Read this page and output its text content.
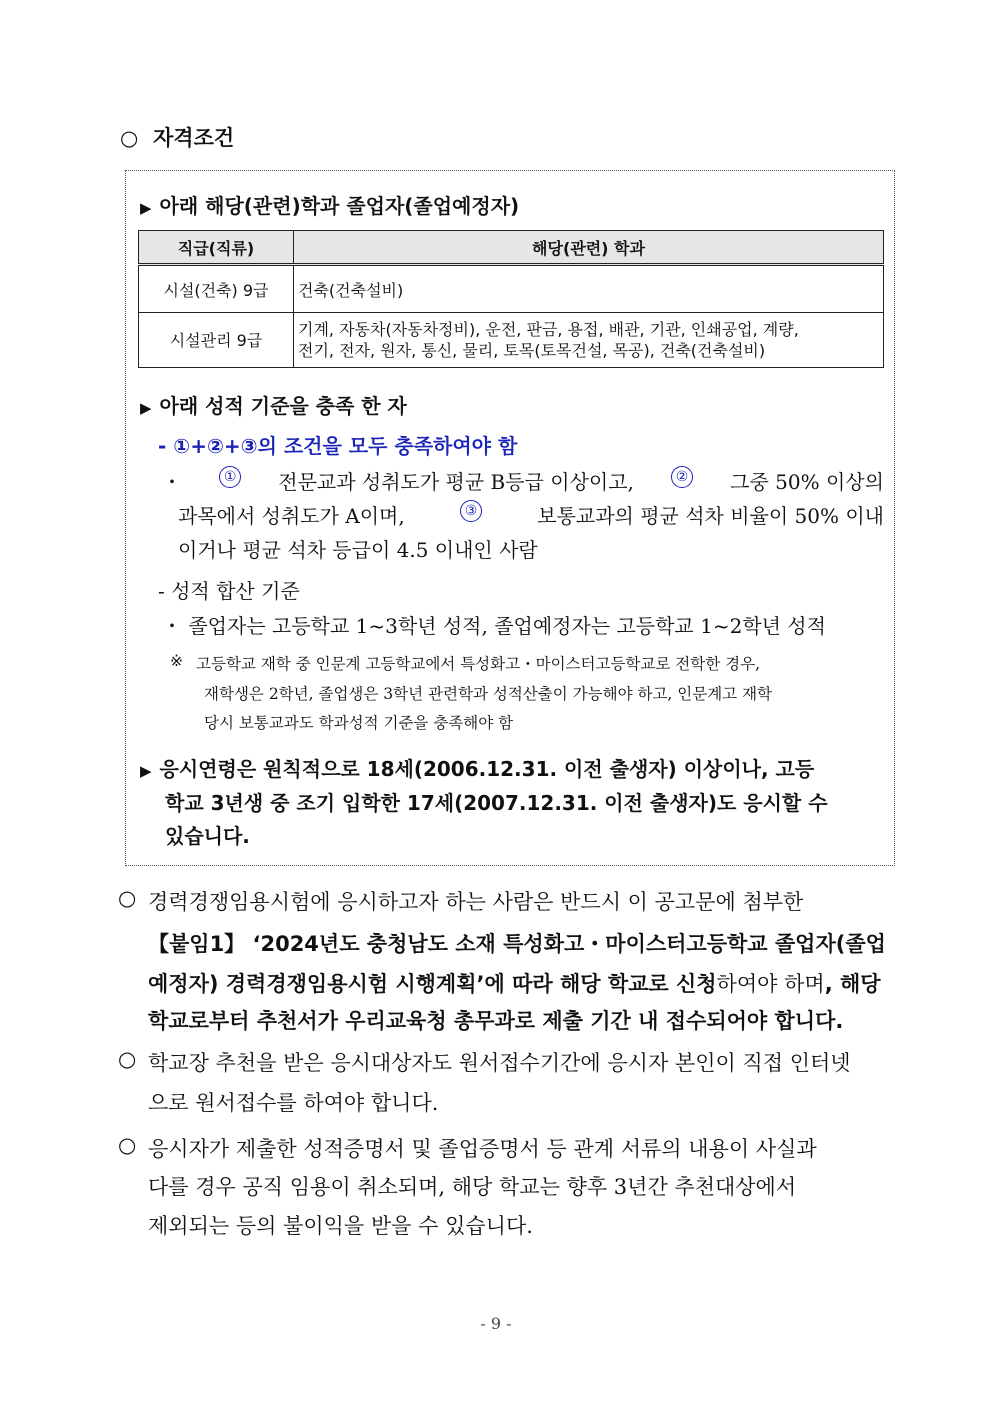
○ 자격조건
▶ 아래 해당(관련)학과 졸업자(졸업예정자)
직급(직류)	해당(관련) 학과
시설(건축) 9급	건축(건축설비)
시설관리 9급	기계, 자동차(자동차정비), 운전, 판금, 용접, 배관, 기관, 인쇄공업, 계량,
전기, 전자, 원자, 통신, 물리, 토목(토목건설, 목공), 건축(건축설비)
▶ 아래 성적 기준을 충족 한 자
- ①+②+③의 조건을 모두 충족하여야 함
・	① 전문교과 성취도가 평균 B등급 이상이고,	② 그중 50% 이상의
과목에서 성취도가 A이며,	③	보통교과의 평균 석차 비율이 50% 이내
이거나 평균 석차 등급이 4.5 이내인 사람
- 성적 합산 기준
・ 졸업자는 고등학교 1~3학년 성적, 졸업예정자는 고등학교 1~2학년 성적
※ 고등학교 재학 중 인문계 고등학교에서 특성화고・마이스터고등학교로 전학한 경우,
재학생은 2학년, 졸업생은 3학년 관련학과 성적산출이 가능해야 하고, 인문계고 재학
당시 보통교과도 학과성적 기준을 충족해야 함
▶ 응시연령은 원칙적으로 18세(2006.12.31. 이전 출생자) 이상이나, 고등
학교 3년생 중 조기 입학한 17세(2007.12.31. 이전 출생자)도 응시할 수
있습니다.
○ 경력경쟁임용시험에 응시하고자 하는 사람은 반드시 이 공고문에 첨부한
【붙임1】 ‘2024년도 충청남도 소재 특성화고・마이스터고등학교 졸업자(졸업
예정자) 경력경쟁임용시험 시행계획’에 따라 해당 학교로 신청하여야 하며, 해당
학교로부터 추천서가 우리교육청 총무과로 제출 기간 내 접수되어야 합니다.
○ 학교장 추천을 받은 응시대상자도 원서접수기간에 응시자 본인이 직접 인터넷
으로 원서접수를 하여야 합니다.
○ 응시자가 제출한 성적증명서 및 졸업증명서 등 관계 서류의 내용이 사실과
다를 경우 공직 임용이 취소되며, 해당 학교는 향후 3년간 추천대상에서
제외되는 등의 불이익을 받을 수 있습니다.
- 9 -
